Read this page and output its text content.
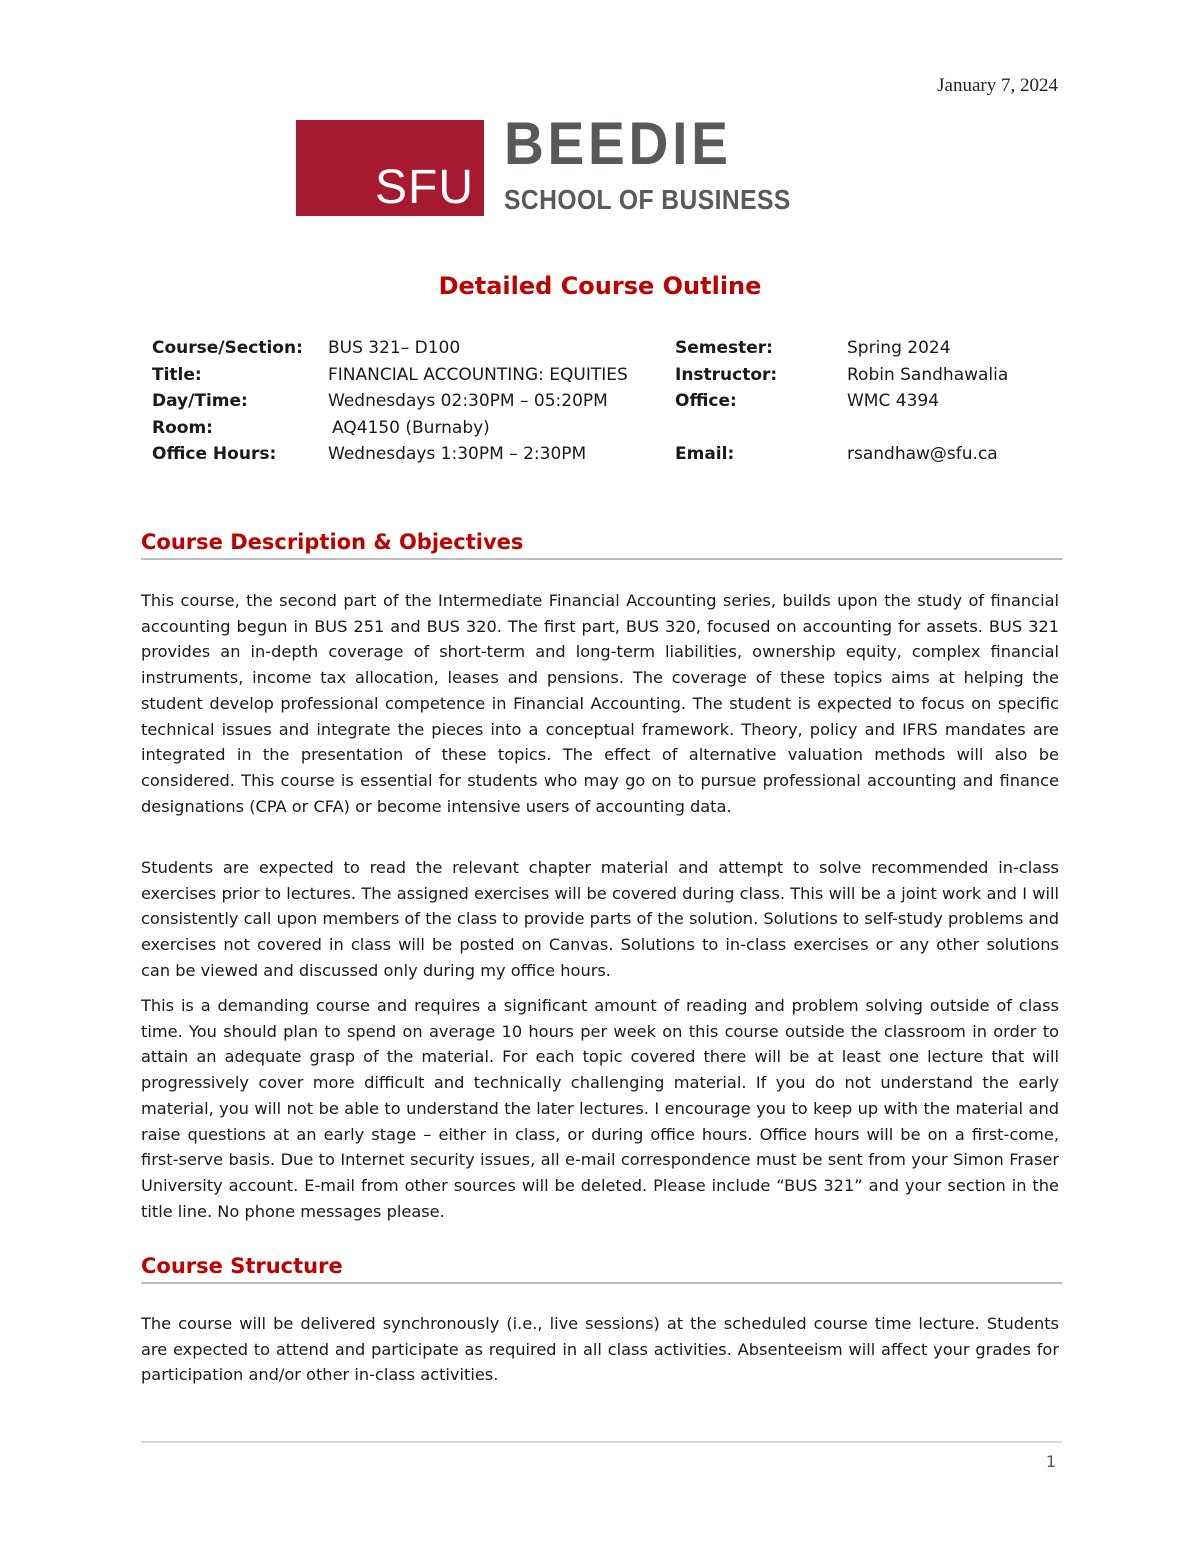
January 7, 2024
SFU
BEEDIE
SCHOOL OF BUSINESS
Detailed Course Outline
Course/Section: BUS 321– D100	Semester:	Spring 2024
Title:	FINANCIAL ACCOUNTING: EQUITIES	Instructor:	Robin Sandhawalia
Day/Time:	Wednesdays 02:30PM – 05:20PM	Office:	WMC 4394
Room:	AQ4150 (Burnaby)
Office Hours:	Wednesdays 1:30PM – 2:30PM	Email:	rsandhaw@sfu.ca
Course Description & Objectives

This course, the second part of the Intermediate Financial Accounting series, builds upon the study of financial accounting begun in BUS 251 and BUS 320. The first part, BUS 320, focused on accounting for assets. BUS 321 provides an in-depth coverage of short-term and long-term liabilities, ownership equity, complex financial instruments, income tax allocation, leases and pensions. The coverage of these topics aims at helping the student develop professional competence in Financial Accounting. The student is expected to focus on specific technical issues and integrate the pieces into a conceptual framework. Theory, policy and IFRS mandates are integrated in the presentation of these topics. The effect of alternative valuation methods will also be considered. This course is essential for students who may go on to pursue professional accounting and finance designations (CPA or CFA) or become intensive users of accounting data.

Students are expected to read the relevant chapter material and attempt to solve recommended in-class exercises prior to lectures. The assigned exercises will be covered during class. This will be a joint work and I will consistently call upon members of the class to provide parts of the solution. Solutions to self-study problems and exercises not covered in class will be posted on Canvas. Solutions to in-class exercises or any other solutions can be viewed and discussed only during my office hours.

This is a demanding course and requires a significant amount of reading and problem solving outside of class time. You should plan to spend on average 10 hours per week on this course outside the classroom in order to attain an adequate grasp of the material. For each topic covered there will be at least one lecture that will progressively cover more difficult and technically challenging material. If you do not understand the early material, you will not be able to understand the later lectures. I encourage you to keep up with the material and raise questions at an early stage – either in class, or during office hours. Office hours will be on a first-come, first-serve basis. Due to Internet security issues, all e-mail correspondence must be sent from your Simon Fraser University account. E-mail from other sources will be deleted. Please include “BUS 321” and your section in the title line. No phone messages please.

Course Structure

The course will be delivered synchronously (i.e., live sessions) at the scheduled course time lecture. Students are expected to attend and participate as required in all class activities. Absenteeism will affect your grades for participation and/or other in-class activities.

1
